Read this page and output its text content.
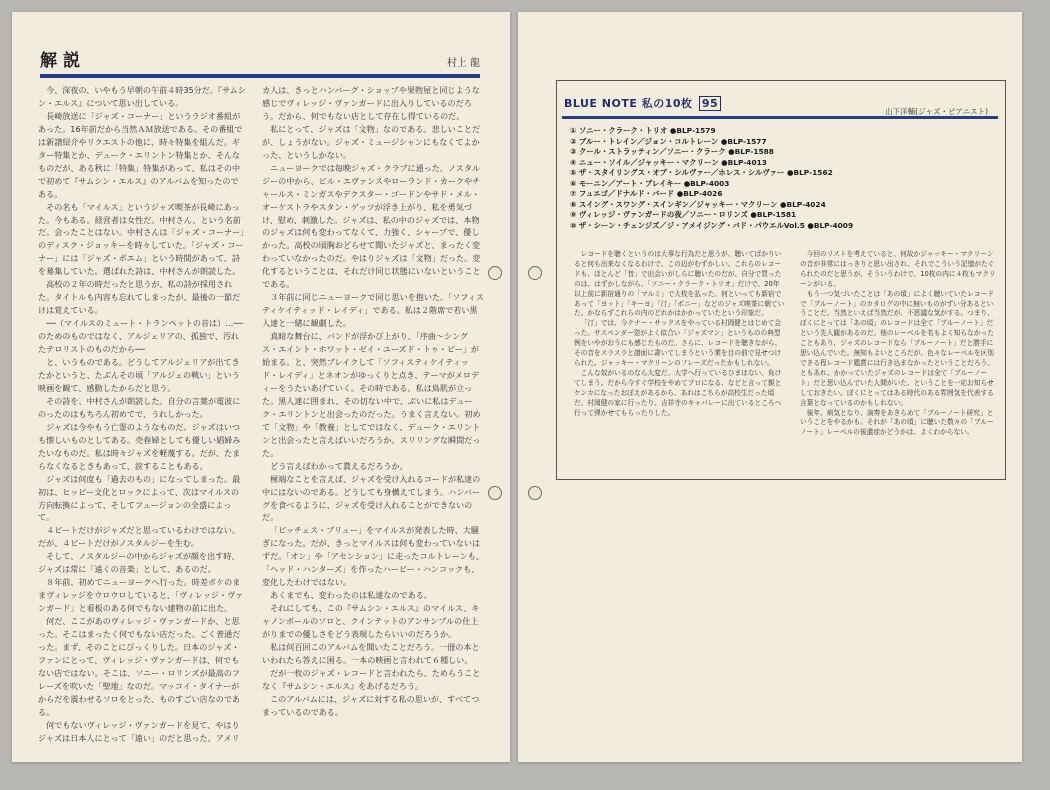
解説	村上 龍

今、深夜の、いやもう早朝の午前４時35分だ。『サムシン・エルス』について思い出している。

長崎放送に「ジャズ・コーナー」というラジオ番組があった。16年前だから当然ＡＭ放送である。その番組では新譜紹介やリクエストの他に、時々特集を組んだ。ギター特集とか、デューク・エリントン特集とか、そんなものだが、ある秋に「特集」特集があって、私はその中で初めて『サムシン・エルス』のアルバムを知ったのである。

その名も「マイルス」というジャズ喫茶が長崎にあった。今もある。経営者は女性だ。中村さん、という名前だ。会ったことはない。中村さんは「ジャズ・コーナー」のディスク・ジョッキーを時々していた。「ジャズ・コーナー」には「ジャズ・ポエム」という時間があって、詩を募集していた。選ばれた詩は、中村さんが朗読した。

高校の２年の時だったと思うが、私の詩が採用された。タイトルも内容も忘れてしまったが、最後の一節だけは覚えている。

──（マイルスのミュート・トランペットの音は）…──のためのものではなく、アルジェリアの、孤独で、汚れたテロリストのものだから──

と、いうものである。どうしてアルジェリアが出てきたかというと、たぶんその頃「アルジェの戦い」という映画を観て、感動したからだと思う。

その詩を、中村さんが朗読した。自分の言葉が電波にのったのはもちろん初めてで、うれしかった。

ジャズは今やもう亡霊のようなものだ。ジャズはいつも懐しいものとしてある。売春婦としても優しい娼婦みたいなものだ。私は時々ジャズを軽蔑する。だが、たまらなくなるときもあって、涙することもある。

ジャズは何度も「過去のもの」になってしまった。最初は、ヒッピー文化とロックによって、次はマイルスの方向転換によって、そしてフュージョンの全盛によって。

４ビートだけがジャズだと思っているわけではない。だが、４ビートだけがノスタルジーを生む。

そして、ノスタルジーの中からジャズが顔を出す時、ジャズは常に「遠くの音楽」として、あるのだ。

８年前、初めてニューヨークへ行った。時差ボケのままヴィレッジをウロウロしていると、「ヴィレッジ・ヴァンガード」と看板のある何でもない建物の前に出た。

何だ、ここがあのヴィレッジ・ヴァンガードか、と思った。そこはまったく何でもない店だった。ごく普通だった。まず、そのことにびっくりした。日本のジャズ・ファンにとって、ヴィレッジ・ヴァンガードは、何でもない店ではない。そこは、ソニー・ロリンズが最高のフレーズを吹いた「聖地」なのだ。マッコイ・タイナーがからだを震わせるソロをとった、ものすごい店なのである。

何でもないヴィレッジ・ヴァンガードを見て、やはりジャズは日本人にとって「遠い」のだと思った。アメリ

カ人は、きっとハンバーグ・ショップや果物屋と同じような感じでヴィレッジ・ヴァンガードに出入りしているのだろう。だから、何でもない店として存在し得ているのだ。

私にとって、ジャズは「文物」なのである。悲しいことだが、しょうがない。ジャズ・ミュージシャンにもなくてよかった、というしかない。

ニューヨークでは毎晩ジャズ・クラブに通った。ノスタルジーの中から、ビル・エヴァンスやローランド・カークやチャールス・ミンガスやデクスター・ゴードンやサド・メル・オーケストラやスタン・ゲッツが浮き上がり、私を勇気づけ、慰め、刺激した。ジャズは、私の中のジャズでは、本物のジャズは何も変わってなくて、力強く、シャープで、優しかった。高校の頃胸おどらせて聞いたジャズと、まったく変わっていなかったのだ。やはりジャズは「文物」だった。変化するということは、それだけ同じ状態にいないということである。

３年前に同じニューヨークで同じ思いを抱いた。「ソフィスティケイティッド・レイディ」である。私は２階席で若い黒人達と一緒に観劇した。

真暗な舞台に、バンドが浮かび上がり、「序曲〜シングス・エイント・ホワット・ゼイ・ユーズド・トゥ・ビー」が始まる。と、突然ブレイクして「ソフィスティケイティッド・レイディ」とネオンがゆっくりと点き、テーマがメロディーをうたいあげていく。その時である。私は鳥肌が立った。黒人達に囲まれ、その切ない中で、ぶいに私はデューク・エリントンと出会ったのだった。うまく言えない。初めて「文物」や「教養」としてではなく、デューク・エリントンと出会ったと言えばいいだろうか。スリリングな瞬間だった。

どう言えばわかって貰えるだろうか。

極端なことを言えば、ジャズを受け入れるコードが私達の中にはないのである。どうしても身構えてしまう。ハンバーグを食べるように、ジャズを受け入れることができないのだ。

「ビッチェス・ブリュー」をマイルスが発表した時、大騒ぎになった。だが、きっとマイルスは何も変わっていないはずだ。「オン」や「アセンション」に走ったコルトレーンも、「ヘッド・ハンターズ」を作ったハービー・ハンコックも、変化したわけではない。

あくまでも、変わったのは私達なのである。

それにしても、この『サムシン・エルス』のマイルス、キャノンボールのソロと、クインテットのアンサンブルの仕上がりまでの優しさをどう表現したらいいのだろうか。

私は何百回このアルバムを聞いたことだろう。一冊の本といわれたら答えに困る。一本の映画と言われて６種しい。

だが一枚のジャズ・レコードと言われたら、ためらうことなく『サムシン・エルス』をあげるだろう。

このアルバムには、ジャズに対する私の思いが、すべてつまっているのである。

BLUE NOTE 私の10枚 95
山下洋輔(ジャズ・ピアニスト)
① ソニー・クラーク・トリオ ●BLP-1579
② ブルー・トレイン／ジョン・コルトレーン ●BLP-1577
③ クール・ストラッティン／ソニー・クラーク ●BLP-1588
④ ニュー・ソイル／ジャッキー・マクリーン ●BLP-4013
⑤ ザ・スタイリングス・オブ・シルヴァー／ホレス・シルヴァー ●BLP-1562
⑥ モーニン／アート・ブレイキー ●BLP-4003
⑦ フュエゴ／ドナルド・バード ●BLP-4026
⑧ スイング・スワング・スインギン／ジャッキー・マクリーン ●BLP-4024
⑨ ヴィレッジ・ヴァンガードの夜／ソニー・ロリンズ ●BLP-1581
⑩ ザ・シーン・チェンジズ／ジ・アメイジング・バド・パウエルVol.5 ●BLP-4009

レコードを聴くというのは大事な行為だと思うが、聴いてばかりいると何も出来なくなるわけで、この辺がむずかしい。これらのレコードも、ほとんど「昔」で出会いがしらに聴いたのだが、自分で買ったのは、はずかしながら、「ソニー・クラーク・トリオ」だけで、20年以上前に新宿通りの「マルミ」で大枚を払った。何といっても新宿であって「ヨット」「キーヨ」「汀」「ポニー」などのジャズ喫茶に朝ていた。かならずこれらの内のどれかはかかっていたという印象だ。

「汀」では、今テナー・サックスをやっている村岡健とはじめて会った。サスペンダー姿がよく似合い「ジャズマン」というものの典型例をいやがおうにも感じたものだ。さらに、レコードを聴きながら、その音をスラスラと譜面に書いてしまうという業を目の前で見せつけられた。ジャッキー・マクリーンのフレーズだったかもしれない。

こんな奴がいるのなら大変だ、大学へ行っているひまはない、負けてしまう。だから今すぐ学校をやめてプロになる、などと言って親とケンカになったおぼえがあるから、あれはこちらが高校生だった頃だ。村岡健の家に行ったり、吉祥寺のキャバレーに出ているところへ行って弾かせてもらったりした。

今回のリストを考えていると、何故かジャッキー・マクリーンの音が非常にはっきりと思い出され、それでこういう記憶がたぐられたのだと思うが、そういうわけで、10枚の内に４枚もマクリーンがいる。

もう一つ気づいたことは「あの頃」によく聴いていたレコードで「ブルーノート」のカタログの中に無いものがずい分あるということだ。当然といえば当然だが、不思議な気がする。つまり、ぼくにとっては「あの頃」のレコードは全て「ブルーノート」だという先入観があるのだ。他のレーベルを名もよく知らなかったこともあり、ジャズのレコードなら「ブルーノート」だと勝手に思い込んでいた。無知もよいところだが、色々なレーベルを区別できる程レコード鑑賞には行き込まなかったということだろう。ともあれ、かかっていたジャズのレコードは全て「ブルーノート」だと思い込んでいた人間がいた、ということを一応お知らせしておきたい。ぼくにとってはある時代のある雰囲気を代表する言葉となっているのかもしれない。

後年、病気となり、演奏をあきらめて「ブルーノート研究」ということをやるかも。それが「あの頃」に聴いた数々の「ブルーノート」レーベルの後遺症かどうかは、よくわからない。
